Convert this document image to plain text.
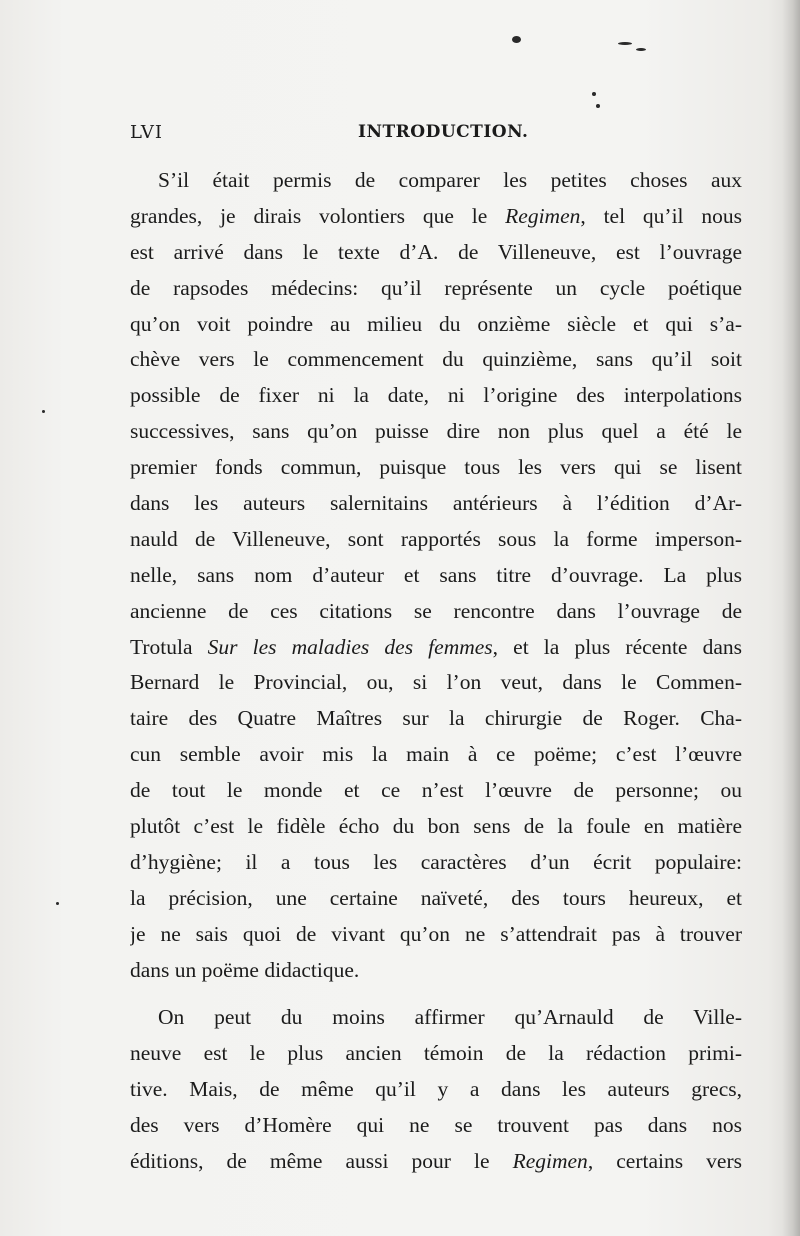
LVI	INTRODUCTION.
S’il était permis de comparer les petites choses aux
grandes, je dirais volontiers que le Regimen, tel qu’il nous
est arrivé dans le texte d’A. de Villeneuve, est l’ouvrage
de rapsodes médecins: qu’il représente un cycle poétique
qu’on voit poindre au milieu du onzième siècle et qui s’a-
chève vers le commencement du quinzième, sans qu’il soit
possible de fixer ni la date, ni l’origine des interpolations
successives, sans qu’on puisse dire non plus quel a été le
premier fonds commun, puisque tous les vers qui se lisent
dans les auteurs salernitains antérieurs à l’édition d’Ar-
nauld de Villeneuve, sont rapportés sous la forme imperson-
nelle, sans nom d’auteur et sans titre d’ouvrage. La plus
ancienne de ces citations se rencontre dans l’ouvrage de
Trotula Sur les maladies des femmes, et la plus récente dans
Bernard le Provincial, ou, si l’on veut, dans le Commen-
taire des Quatre Maîtres sur la chirurgie de Roger. Cha-
cun semble avoir mis la main à ce poëme; c’est l’œuvre
de tout le monde et ce n’est l’œuvre de personne; ou
plutôt c’est le fidèle écho du bon sens de la foule en matière
d’hygiène; il a tous les caractères d’un écrit populaire:
la précision, une certaine naïveté, des tours heureux, et
je ne sais quoi de vivant qu’on ne s’attendrait pas à trouver
dans un poëme didactique.
On peut du moins affirmer qu’Arnauld de Ville-
neuve est le plus ancien témoin de la rédaction primi-
tive. Mais, de même qu’il y a dans les auteurs grecs,
des vers d’Homère qui ne se trouvent pas dans nos
éditions, de même aussi pour le Regimen, certains vers
